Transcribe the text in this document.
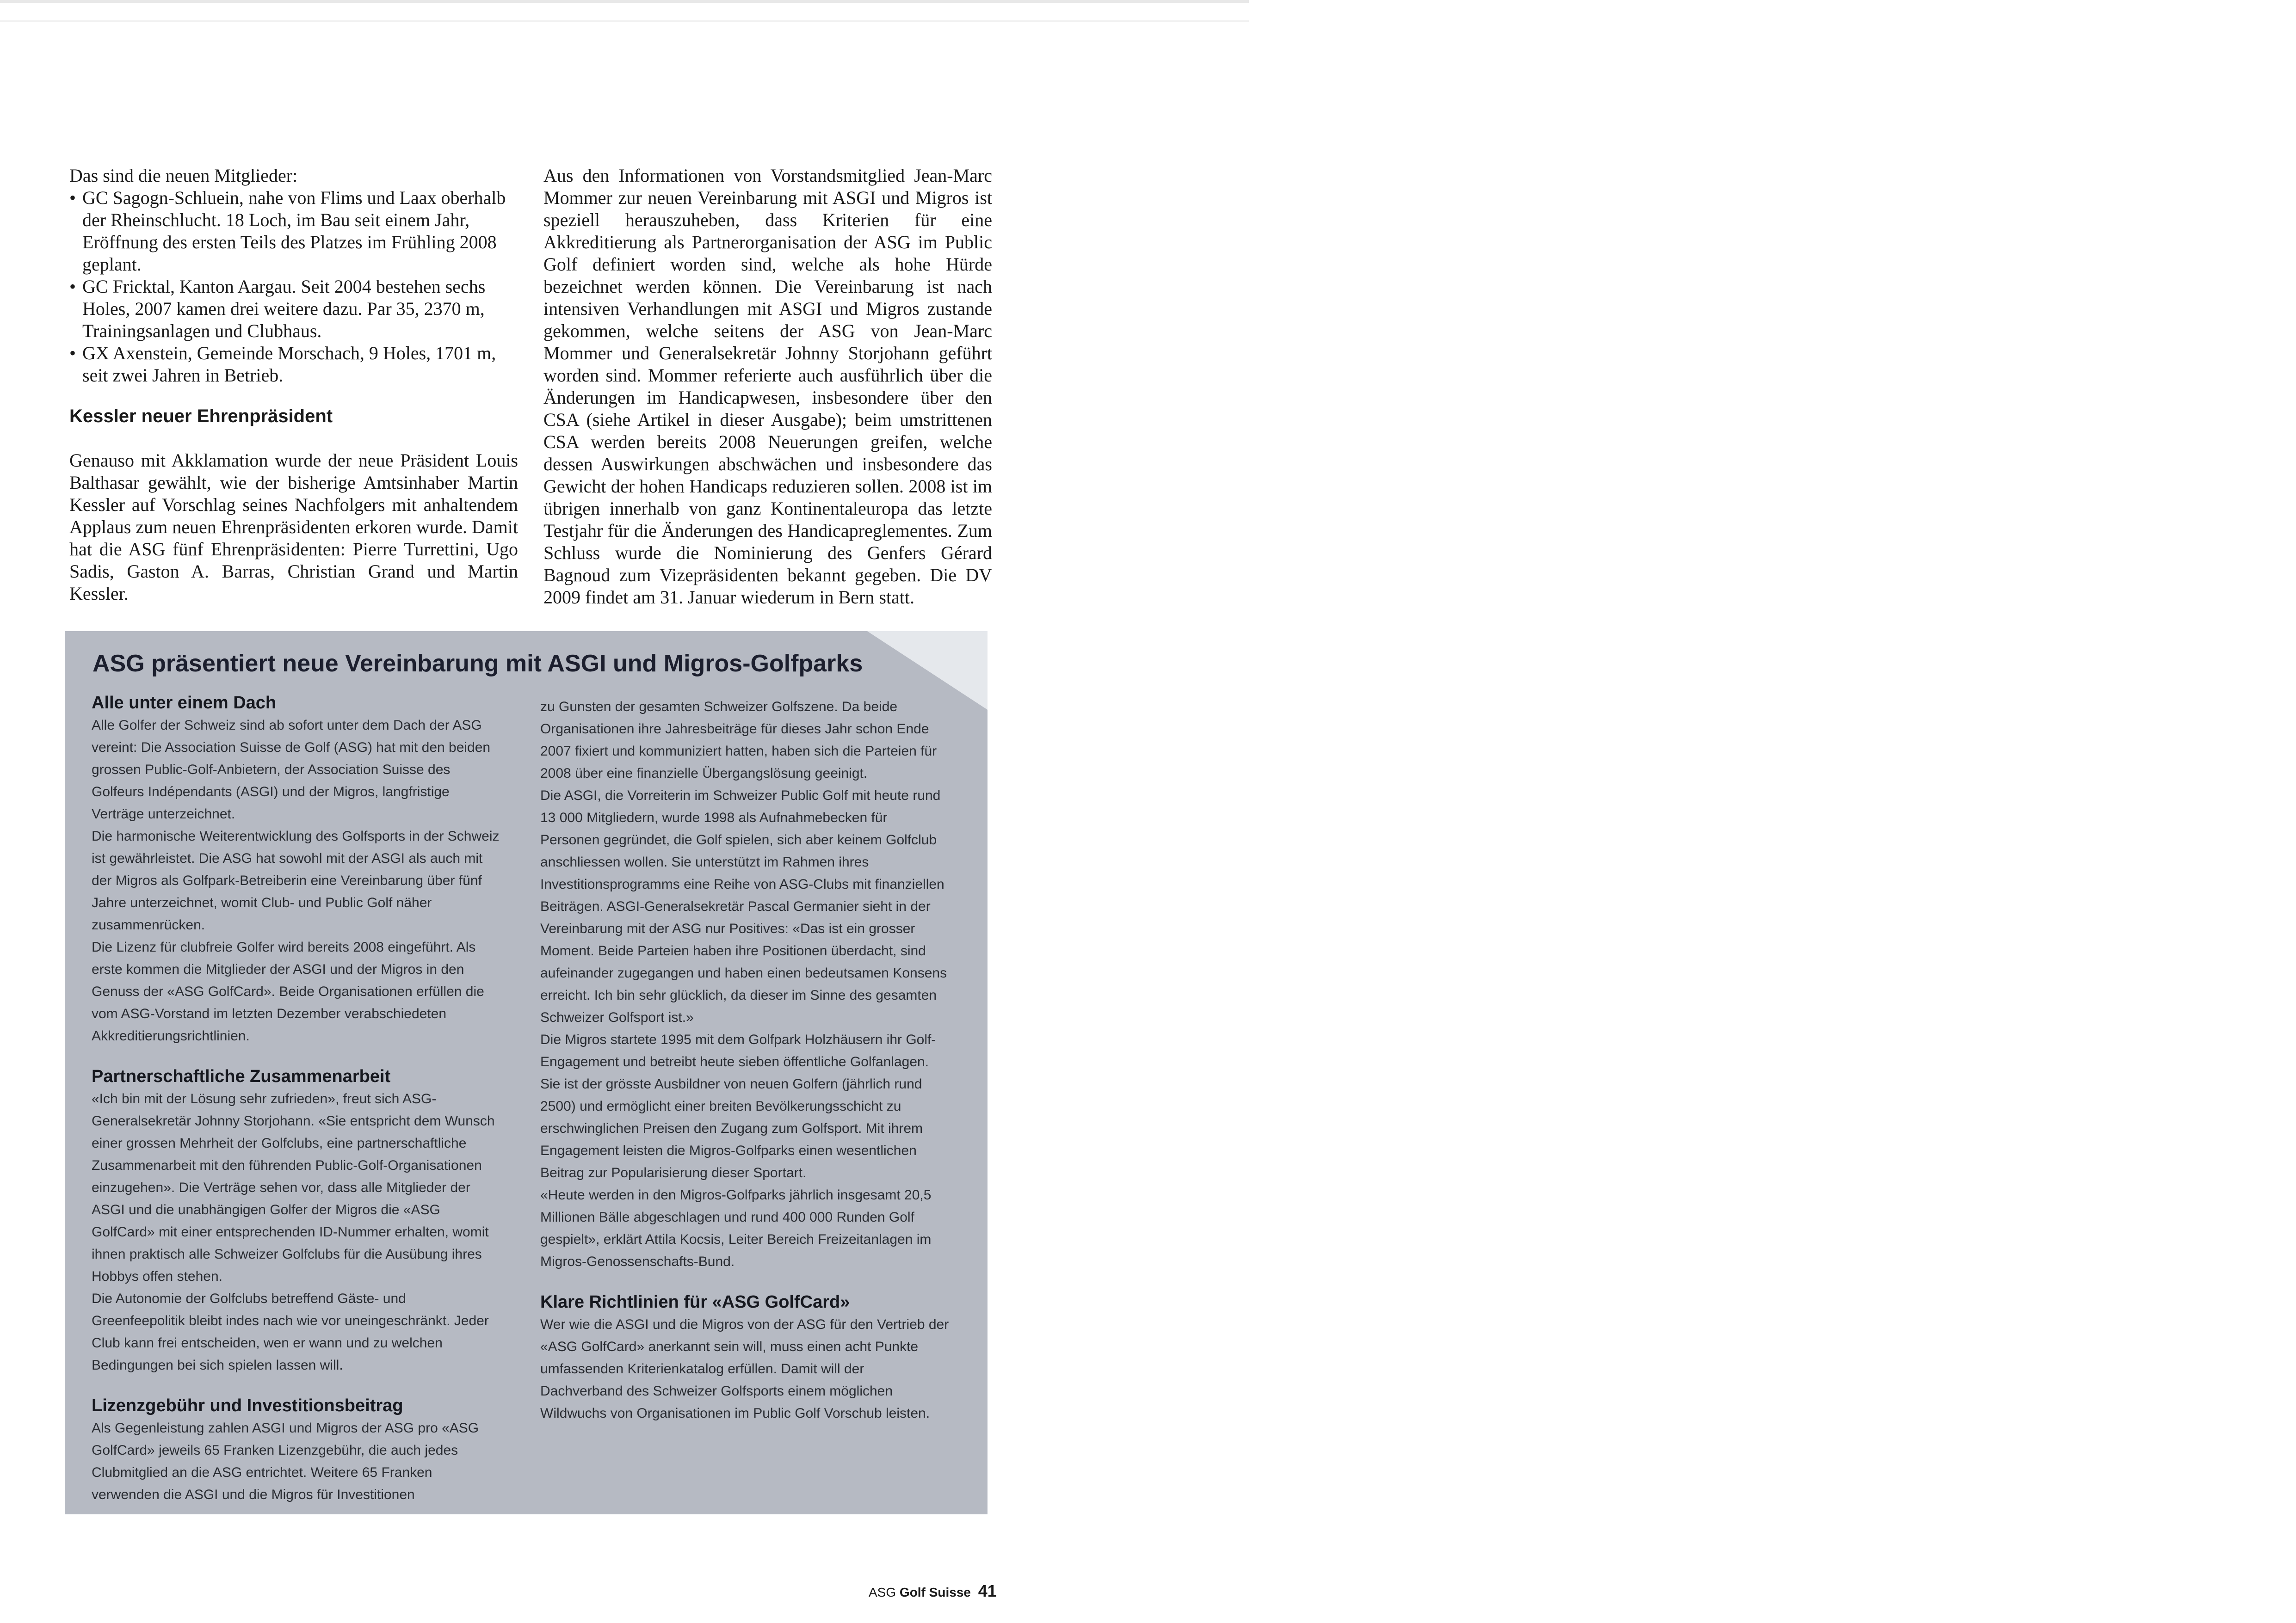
Das sind die neuen Mitglieder:

• GC Sagogn-Schluein, nahe von Flims und Laax oberhalb der Rheinschlucht. 18 Loch, im Bau seit einem Jahr, Eröffnung des ersten Teils des Platzes im Frühling 2008 geplant.
• GC Fricktal, Kanton Aargau. Seit 2004 bestehen sechs Holes, 2007 kamen drei weitere dazu. Par 35, 2370 m, Trainingsanlagen und Clubhaus.
• GX Axenstein, Gemeinde Morschach, 9 Holes, 1701 m, seit zwei Jahren in Betrieb.
Kessler neuer Ehrenpräsident

Genauso mit Akklamation wurde der neue Präsident Louis Balthasar gewählt, wie der bisherige Amtsinhaber Martin Kessler auf Vorschlag seines Nachfolgers mit anhaltendem Applaus zum neuen Ehrenpräsidenten erkoren wurde. Damit hat die ASG fünf Ehrenpräsidenten: Pierre Turrettini, Ugo Sadis, Gaston A. Barras, Christian Grand und Martin Kessler.

Aus den Informationen von Vorstandsmitglied Jean-Marc Mommer zur neuen Vereinbarung mit ASGI und Migros ist speziell herauszuheben, dass Kriterien für eine Akkreditierung als Partnerorganisation der ASG im Public Golf definiert worden sind, welche als hohe Hürde bezeichnet werden können. Die Vereinbarung ist nach intensiven Verhandlungen mit ASGI und Migros zustande gekommen, welche seitens der ASG von Jean-Marc Mommer und Generalsekretär Johnny Storjohann geführt worden sind. Mommer referierte auch ausführlich über die Änderungen im Handicapwesen, insbesondere über den CSA (siehe Artikel in dieser Ausgabe); beim umstrittenen CSA werden bereits 2008 Neuerungen greifen, welche dessen Auswirkungen abschwächen und insbesondere das Gewicht der hohen Handicaps reduzieren sollen. 2008 ist im übrigen innerhalb von ganz Kontinentaleuropa das letzte Testjahr für die Änderungen des Handicapreglementes. Zum Schluss wurde die Nominierung des Genfers Gérard Bagnoud zum Vizepräsidenten bekannt gegeben. Die DV 2009 findet am 31. Januar wiederum in Bern statt.

ASG präsentiert neue Vereinbarung mit ASGI und Migros-Golfparks

Alle unter einem Dach

Alle Golfer der Schweiz sind ab sofort unter dem Dach der ASG vereint: Die Association Suisse de Golf (ASG) hat mit den beiden grossen Public-Golf-Anbietern, der Association Suisse des Golfeurs Indépendants (ASGI) und der Migros, langfristige Verträge unterzeichnet.

Die harmonische Weiterentwicklung des Golfsports in der Schweiz ist gewährleistet. Die ASG hat sowohl mit der ASGI als auch mit der Migros als Golfpark-Betreiberin eine Vereinbarung über fünf Jahre unterzeichnet, womit Club- und Public Golf näher zusammenrücken.

Die Lizenz für clubfreie Golfer wird bereits 2008 eingeführt. Als erste kommen die Mitglieder der ASGI und der Migros in den Genuss der «ASG GolfCard». Beide Organisationen erfüllen die vom ASG-Vorstand im letzten Dezember verabschiedeten Akkreditierungsrichtlinien.

Partnerschaftliche Zusammenarbeit

«Ich bin mit der Lösung sehr zufrieden», freut sich ASG-Generalsekretär Johnny Storjohann. «Sie entspricht dem Wunsch einer grossen Mehrheit der Golfclubs, eine partnerschaftliche Zusammenarbeit mit den führenden Public-Golf-Organisationen einzugehen». Die Verträge sehen vor, dass alle Mitglieder der ASGI und die unabhängigen Golfer der Migros die «ASG GolfCard» mit einer entsprechenden ID-Nummer erhalten, womit ihnen praktisch alle Schweizer Golfclubs für die Ausübung ihres Hobbys offen stehen.

Die Autonomie der Golfclubs betreffend Gäste- und Greenfeepolitik bleibt indes nach wie vor uneingeschränkt. Jeder Club kann frei entscheiden, wen er wann und zu welchen Bedingungen bei sich spielen lassen will.

Lizenzgebühr und Investitionsbeitrag

Als Gegenleistung zahlen ASGI und Migros der ASG pro «ASG GolfCard» jeweils 65 Franken Lizenzgebühr, die auch jedes Clubmitglied an die ASG entrichtet. Weitere 65 Franken verwenden die ASGI und die Migros für Investitionen

zu Gunsten der gesamten Schweizer Golfszene. Da beide Organisationen ihre Jahresbeiträge für dieses Jahr schon Ende 2007 fixiert und kommuniziert hatten, haben sich die Parteien für 2008 über eine finanzielle Übergangslösung geeinigt.

Die ASGI, die Vorreiterin im Schweizer Public Golf mit heute rund 13 000 Mitgliedern, wurde 1998 als Aufnahmebecken für Personen gegründet, die Golf spielen, sich aber keinem Golfclub anschliessen wollen. Sie unterstützt im Rahmen ihres Investitionsprogramms eine Reihe von ASG-Clubs mit finanziellen Beiträgen. ASGI-Generalsekretär Pascal Germanier sieht in der Vereinbarung mit der ASG nur Positives: «Das ist ein grosser Moment. Beide Parteien haben ihre Positionen überdacht, sind aufeinander zugegangen und haben einen bedeutsamen Konsens erreicht. Ich bin sehr glücklich, da dieser im Sinne des gesamten Schweizer Golfsport ist.»

Die Migros startete 1995 mit dem Golfpark Holzhäusern ihr Golf-Engagement und betreibt heute sieben öffentliche Golfanlagen. Sie ist der grösste Ausbildner von neuen Golfern (jährlich rund 2500) und ermöglicht einer breiten Bevölkerungsschicht zu erschwinglichen Preisen den Zugang zum Golfsport. Mit ihrem Engagement leisten die Migros-Golfparks einen wesentlichen Beitrag zur Popularisierung dieser Sportart.

«Heute werden in den Migros-Golfparks jährlich insgesamt 20,5 Millionen Bälle abgeschlagen und rund 400 000 Runden Golf gespielt», erklärt Attila Kocsis, Leiter Bereich Freizeitanlagen im Migros-Genossenschafts-Bund.

Klare Richtlinien für «ASG GolfCard»

Wer wie die ASGI und die Migros von der ASG für den Vertrieb der «ASG GolfCard» anerkannt sein will, muss einen acht Punkte umfassenden Kriterienkatalog erfüllen. Damit will der Dachverband des Schweizer Golfsports einem möglichen Wildwuchs von Organisationen im Public Golf Vorschub leisten.

ASG Golf Suisse 41
